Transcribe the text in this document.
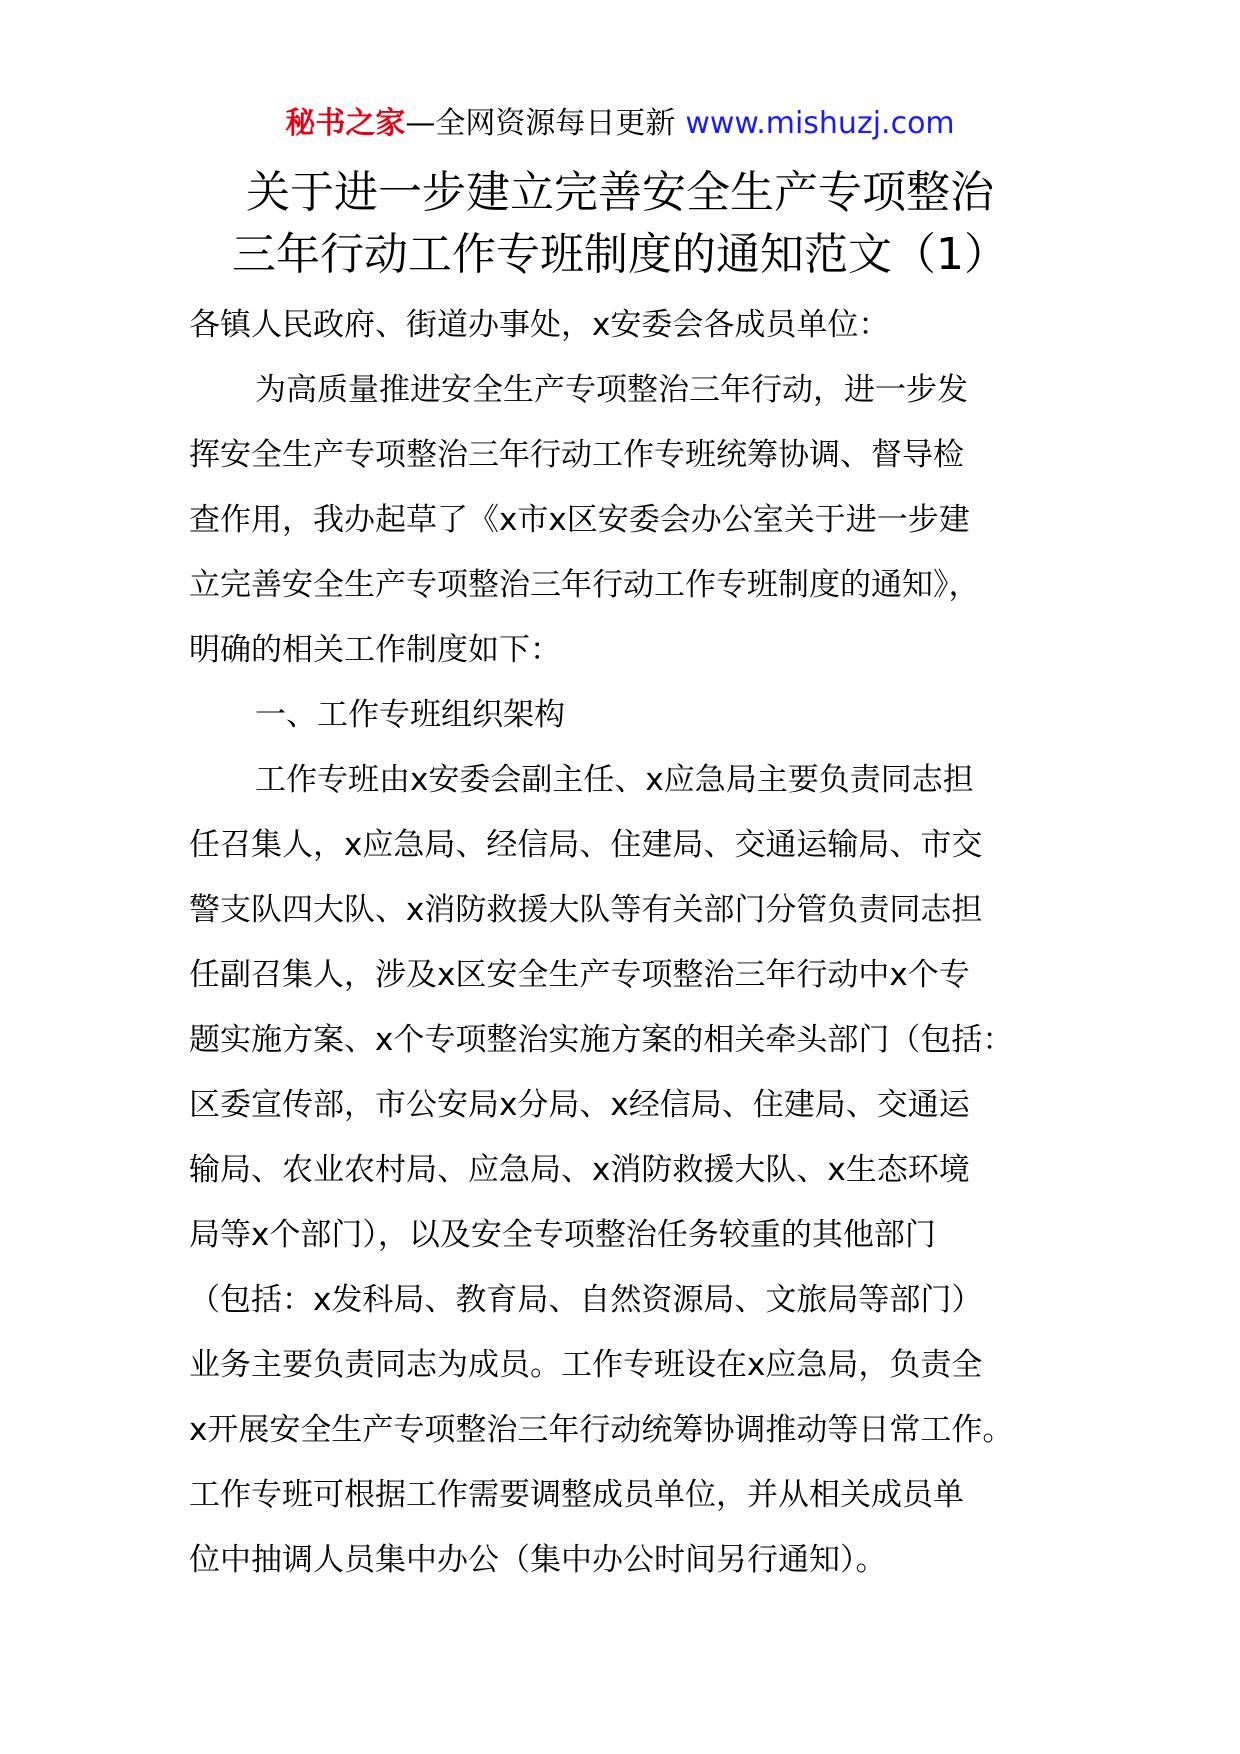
秘书之家—全网资源每日更新 www.mishuzj.com
关于进一步建立完善安全生产专项整治
三年行动工作专班制度的通知范文（1）

各镇人民政府、街道办事处，x安委会各成员单位：

为高质量推进安全生产专项整治三年行动，进一步发

挥安全生产专项整治三年行动工作专班统筹协调、督导检

查作用，我办起草了《x市x区安委会办公室关于进一步建

立完善安全生产专项整治三年行动工作专班制度的通知》，

明确的相关工作制度如下：

一、工作专班组织架构

工作专班由x安委会副主任、x应急局主要负责同志担

任召集人，x应急局、经信局、住建局、交通运输局、市交

警支队四大队、x消防救援大队等有关部门分管负责同志担

任副召集人，涉及x区安全生产专项整治三年行动中x个专

题实施方案、x个专项整治实施方案的相关牵头部门（包括：

区委宣传部，市公安局x分局、x经信局、住建局、交通运

输局、农业农村局、应急局、x消防救援大队、x生态环境

局等x个部门），以及安全专项整治任务较重的其他部门

（包括：x发科局、教育局、自然资源局、文旅局等部门）

业务主要负责同志为成员。工作专班设在x应急局，负责全

x开展安全生产专项整治三年行动统筹协调推动等日常工作。

工作专班可根据工作需要调整成员单位，并从相关成员单

位中抽调人员集中办公（集中办公时间另行通知）。
